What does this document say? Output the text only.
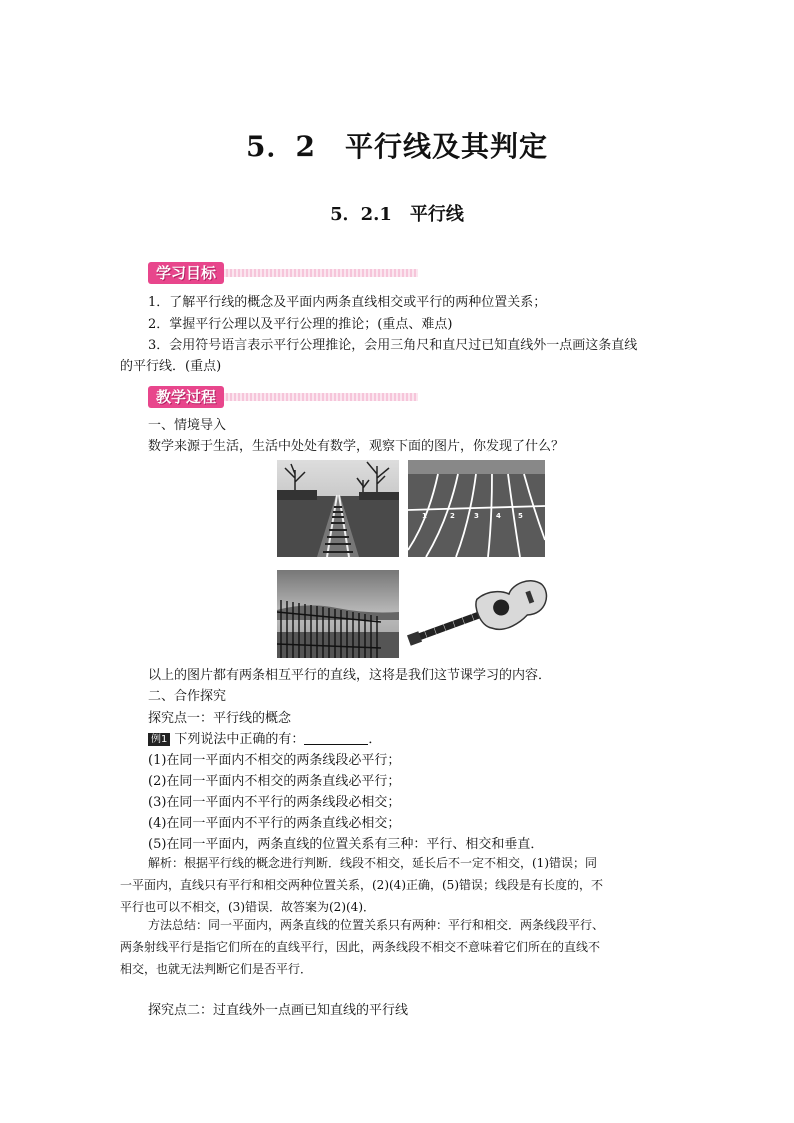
5．2　平行线及其判定
5．2.1　平行线
学习目标
1．了解平行线的概念及平面内两条直线相交或平行的两种位置关系；
2．掌握平行公理以及平行公理的推论；(重点、难点)
3．会用符号语言表示平行公理推论，会用三角尺和直尺过已知直线外一点画这条直线
的平行线．(重点)
教学过程
一、情境导入
数学来源于生活，生活中处处有数学，观察下面的图片，你发现了什么？
1	2	3 4 5
以上的图片都有两条相互平行的直线，这将是我们这节课学习的内容．
二、合作探究
探究点一：平行线的概念
例1 下列说法中正确的有：	．
(1)在同一平面内不相交的两条线段必平行；
(2)在同一平面内不相交的两条直线必平行；
(3)在同一平面内不平行的两条线段必相交；
(4)在同一平面内不平行的两条直线必相交；
(5)在同一平面内，两条直线的位置关系有三种：平行、相交和垂直．
解析：根据平行线的概念进行判断．线段不相交，延长后不一定不相交，(1)错误；同
一平面内，直线只有平行和相交两种位置关系，(2)(4)正确，(5)错误；线段是有长度的，不
平行也可以不相交，(3)错误．故答案为(2)(4)．
方法总结：同一平面内，两条直线的位置关系只有两种：平行和相交．两条线段平行、
两条射线平行是指它们所在的直线平行，因此，两条线段不相交不意味着它们所在的直线不
相交，也就无法判断它们是否平行．
探究点二：过直线外一点画已知直线的平行线
